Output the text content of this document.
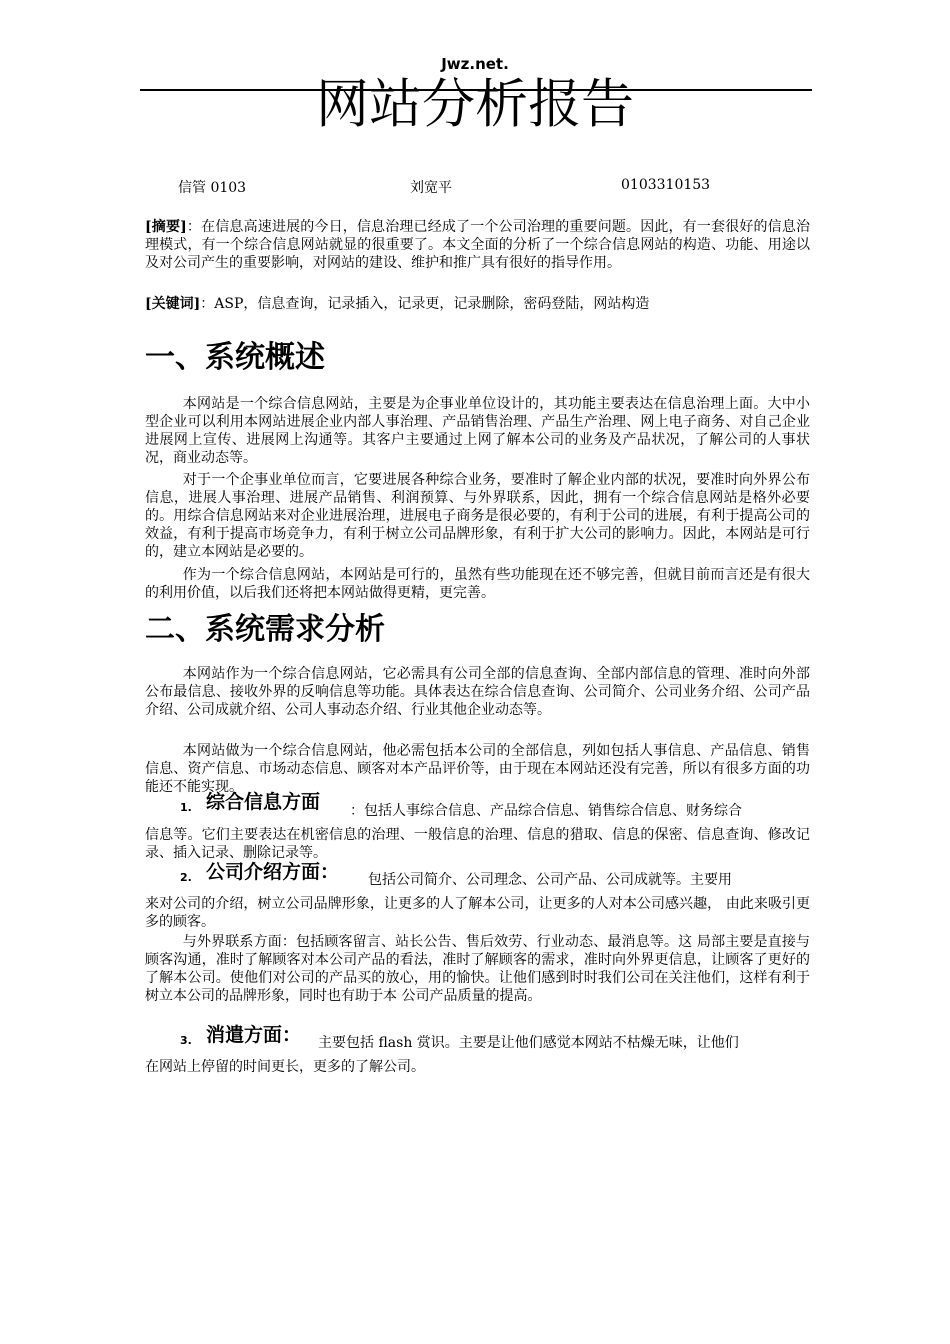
Jwz.net.
网站分析报告
信管 0103	刘宽平	0103310153
[摘要]：在信息高速进展的今日，信息治理已经成了一个公司治理的重要问题。因此，有一套很好的信息治理模式，有一个综合信息网站就显的很重要了。本文全面的分析了一个综合信息网站的构造、功能、用途以及对公司产生的重要影响，对网站的建设、维护和推广具有很好的指导作用。
[关键词]：ASP，信息查询，记录插入，记录更，记录删除，密码登陆，网站构造
一、系统概述
本网站是一个综合信息网站，主要是为企事业单位设计的，其功能主要表达在信息治理上面。大中小型企业可以利用本网站进展企业内部人事治理、产品销售治理、产品生产治理、网上电子商务、对自己企业进展网上宣传、进展网上沟通等。其客户主要通过上网了解本公司的业务及产品状况，了解公司的人事状况，商业动态等。
对于一个企事业单位而言，它要进展各种综合业务，要准时了解企业内部的状况，要准时向外界公布信息，进展人事治理、进展产品销售、利润预算、与外界联系，因此，拥有一个综合信息网站是格外必要的。用综合信息网站来对企业进展治理，进展电子商务是很必要的，有利于公司的进展，有利于提高公司的效益，有利于提高市场竞争力，有利于树立公司品牌形象，有利于扩大公司的影响力。因此，本网站是可行的，建立本网站是必要的。
作为一个综合信息网站，本网站是可行的，虽然有些功能现在还不够完善，但就目前而言还是有很大的利用价值，以后我们还将把本网站做得更精，更完善。
二、系统需求分析
本网站作为一个综合信息网站，它必需具有公司全部的信息查询、全部内部信息的管理、准时向外部公布最信息、接收外界的反响信息等功能。具体表达在综合信息查询、公司简介、公司业务介绍、公司产品介绍、公司成就介绍、公司人事动态介绍、行业其他企业动态等。
本网站做为一个综合信息网站，他必需包括本公司的全部信息，列如包括人事信息、产品信息、销售信息、资产信息、市场动态信息、顾客对本产品评价等，由于现在本网站还没有完善，所以有很多方面的功能还不能实现。
1. 综合信息方面 ：包括人事综合信息、产品综合信息、销售综合信息、财务综合
信息等。它们主要表达在机密信息的治理、一般信息的治理、信息的猎取、信息的保密、信息查询、修改记录、插入记录、删除记录等。
2. 公司介绍方面： 包括公司简介、公司理念、公司产品、公司成就等。主要用
来对公司的介绍，树立公司品牌形象，让更多的人了解本公司，让更多的人对本公司感兴趣， 由此来吸引更多的顾客。
与外界联系方面：包括顾客留言、站长公告、售后效劳、行业动态、最消息等。这 局部主要是直接与顾客沟通，准时了解顾客对本公司产品的看法，准时了解顾客的需求，准时向外界更信息，让顾客了更好的了解本公司。使他们对公司的产品买的放心，用的愉快。让他们感到时时我们公司在关注他们，这样有利于树立本公司的品牌形象，同时也有助于本 公司产品质量的提高。
3. 消遣方面： 主要包括 flash 赏识。主要是让他们感觉本网站不枯燥无味，让他们
在网站上停留的时间更长，更多的了解公司。
